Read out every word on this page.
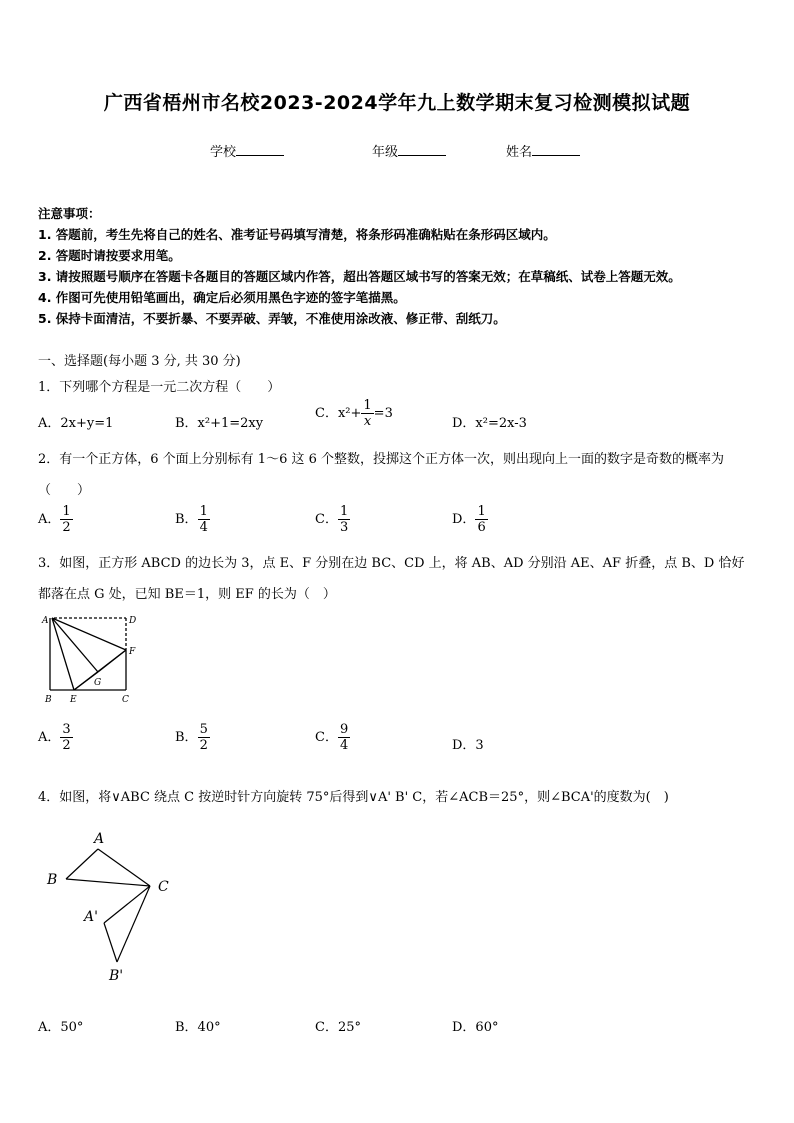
广西省梧州市名校2023-2024学年九上数学期末复习检测模拟试题
学校	年级	姓名
注意事项：
1. 答题前，考生先将自己的姓名、准考证号码填写清楚，将条形码准确粘贴在条形码区域内。
2. 答题时请按要求用笔。
3. 请按照题号顺序在答题卡各题目的答题区域内作答，超出答题区域书写的答案无效；在草稿纸、试卷上答题无效。
4. 作图可先使用铅笔画出，确定后必须用黑色字迹的签字笔描黑。
5. 保持卡面清洁，不要折暴、不要弄破、弄皱，不准使用涂改液、修正带、刮纸刀。
一、选择题(每小题 3 分, 共 30 分)
1．下列哪个方程是一元二次方程（　　）
A．2x+y=1	B．x²+1=2xy
C．$x^2+ \frac{1}{x} =3$
D．x²=2x-3
2．有一个正方体，6 个面上分别标有 1～6 这 6 个整数，投掷这个正方体一次，则出现向上一面的数字是奇数的概率为
（　　）
A． $\frac{1}{2}$	B． $\frac{1}{4}$	C． $\frac{1}{3}$	D． $\frac{1}{6}$
3．如图，正方形 ABCD 的边长为 3，点 E、F 分别在边 BC、CD 上，将 AB、AD 分别沿 AE、AF 折叠，点 B、D 恰好
都落在点 G 处，已知 BE＝1，则 EF 的长为（　）
A	D
F
G
B E	C
A． $\frac{3}{2}$	B． $\frac{5}{2}$	C． $\frac{9}{4}$	D．3
4．如图，将∨ABC 绕点 C 按逆时针方向旋转 75°后得到∨A' B' C，若∠ACB＝25°，则∠BCA'的度数为(　)
A
B	C
A'
B'
A．50°	B．40°	C．25°	D．60°
